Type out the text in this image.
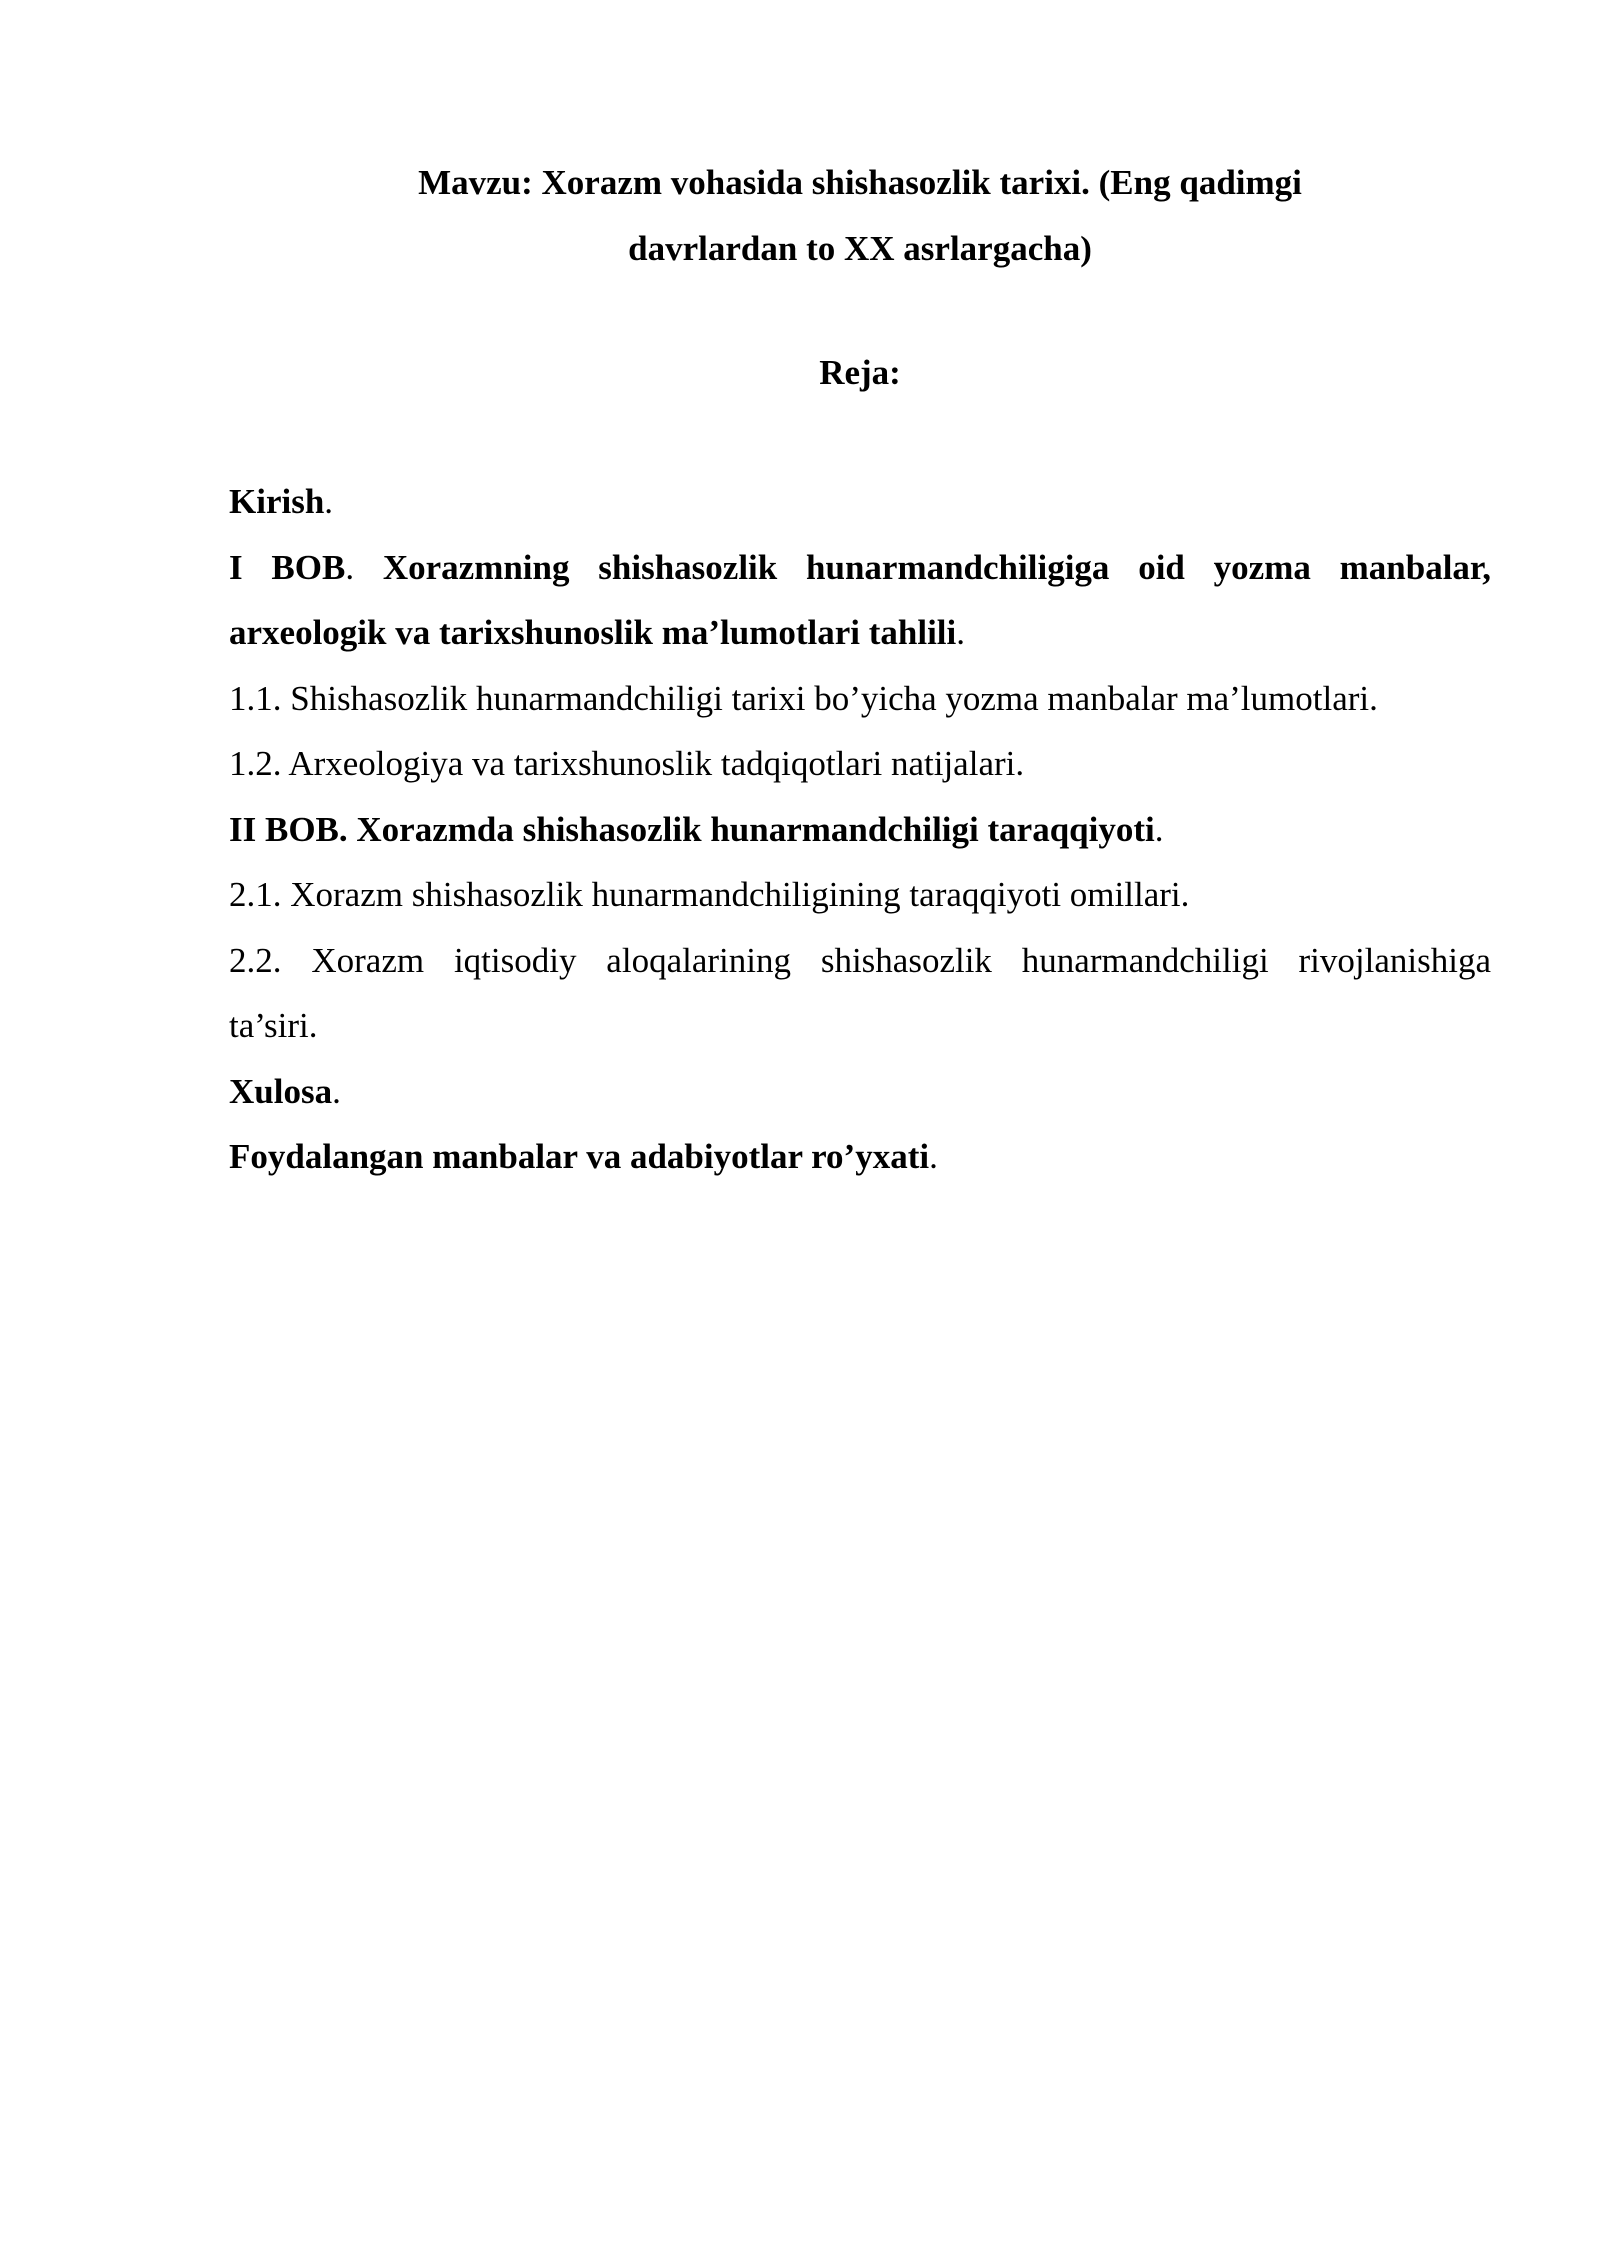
Mavzu: Xorazm vohasida shishasozlik tarixi. (Eng qadimgi
davrlardan to XX asrlargacha)
Reja:
Kirish.
I BOB. Xorazmning shishasozlik hunarmandchiligiga oid yozma manbalar,
arxeologik va tarixshunoslik ma’lumotlari tahlili.
1.1. Shishasozlik hunarmandchiligi tarixi bo’yicha yozma manbalar ma’lumotlari.
1.2. Arxeologiya va tarixshunoslik tadqiqotlari natijalari.
II BOB. Xorazmda shishasozlik hunarmandchiligi taraqqiyoti.
2.1. Xorazm shishasozlik hunarmandchiligining taraqqiyoti omillari.
2.2. Xorazm iqtisodiy aloqalarining shishasozlik hunarmandchiligi rivojlanishiga
ta’siri.
Xulosa.
Foydalangan manbalar va adabiyotlar ro’yxati.
